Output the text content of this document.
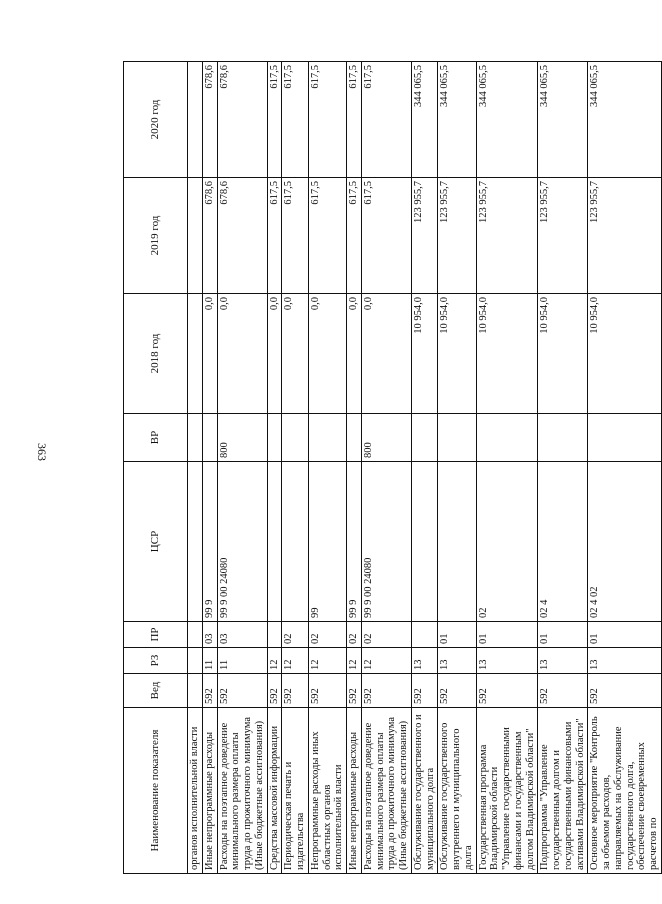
363
Наименование показателя	Вед	РЗ	ПР	ЦСР	ВР	2018 год	2019 год	2020 год
органов исполнительной власти								
Иные непрограммные расходы	592	11	03	99 9		0,0	678,6	678,6
Расходы на поэтапное доведение минимального размера оплаты труда до прожиточного минимума (Иные бюджетные ассигнования)	592	11	03	99 9 00 24080	800	0,0	678,6	678,6
Средства массовой информации	592	12				0,0	617,5	617,5
Периодическая печать и издательства	592	12	02			0,0	617,5	617,5
Непрограммные расходы иных областных органов исполнительной власти	592	12	02	99		0,0	617,5	617,5
Иные непрограммные расходы	592	12	02	99 9		0,0	617,5	617,5
Расходы на поэтапное доведение минимального размера оплаты труда до прожиточного минимума (Иные бюджетные ассигнования)	592	12	02	99 9 00 24080	800	0,0	617,5	617,5
Обслуживание государственного и муниципального долга	592	13				10 954,0	123 955,7	344 065,5
Обслуживание государственного внутреннего и муниципального долга	592	13	01			10 954,0	123 955,7	344 065,5
Государственная программа Владимирской области "Управление государственными финансами и государственным долгом Владимирской области"	592	13	01	02		10 954,0	123 955,7	344 065,5
Подпрограмма "Управление государственным долгом и государственными финансовыми активами Владимирской области"	592	13	01	02 4		10 954,0	123 955,7	344 065,5
Основное мероприятие "Контроль за объемом расходов, направляемых на обслуживание государственного долга, обеспечение своевременных расчетов по	592	13	01	02 4 02		10 954,0	123 955,7	344 065,5
